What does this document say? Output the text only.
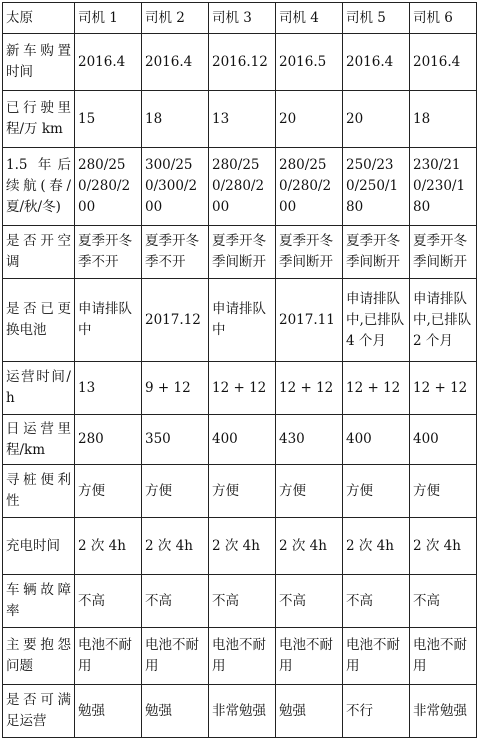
太原	司机 1	司机 2	司机 3	司机 4	司机 5	司机 6
新车购置时间	2016.4	2016.4	2016.12	2016.5	2016.4	2016.4
已行驶里程/万 km	15	18	13	20	20	18
1.5 年后续航(春/夏/秋/冬)	280/250/280/200	300/250/300/200	280/250/280/200	280/250/280/200	250/230/250/180	230/210/230/180
是否开空调	夏季开冬季不开	夏季开冬季不开	夏季开冬季间断开	夏季开冬季间断开	夏季开冬季间断开	夏季开冬季间断开
是否已更换电池	申请排队中	2017.12	申请排队中	2017.11	申请排队中,已排队 4 个月	申请排队中,已排队 2 个月
运营时间/h	13	9 + 12	12 + 12	12 + 12	12 + 12	12 + 12
日运营里程/km	280	350	400	430	400	400
寻桩便利性	方便	方便	方便	方便	方便	方便
充电时间	2 次 4h	2 次 4h	2 次 4h	2 次 4h	2 次 4h	2 次 4h
车辆故障率	不高	不高	不高	不高	不高	不高
主要抱怨问题	电池不耐用	电池不耐用	电池不耐用	电池不耐用	电池不耐用	电池不耐用
是否可满足运营	勉强	勉强	非常勉强	勉强	不行	非常勉强
